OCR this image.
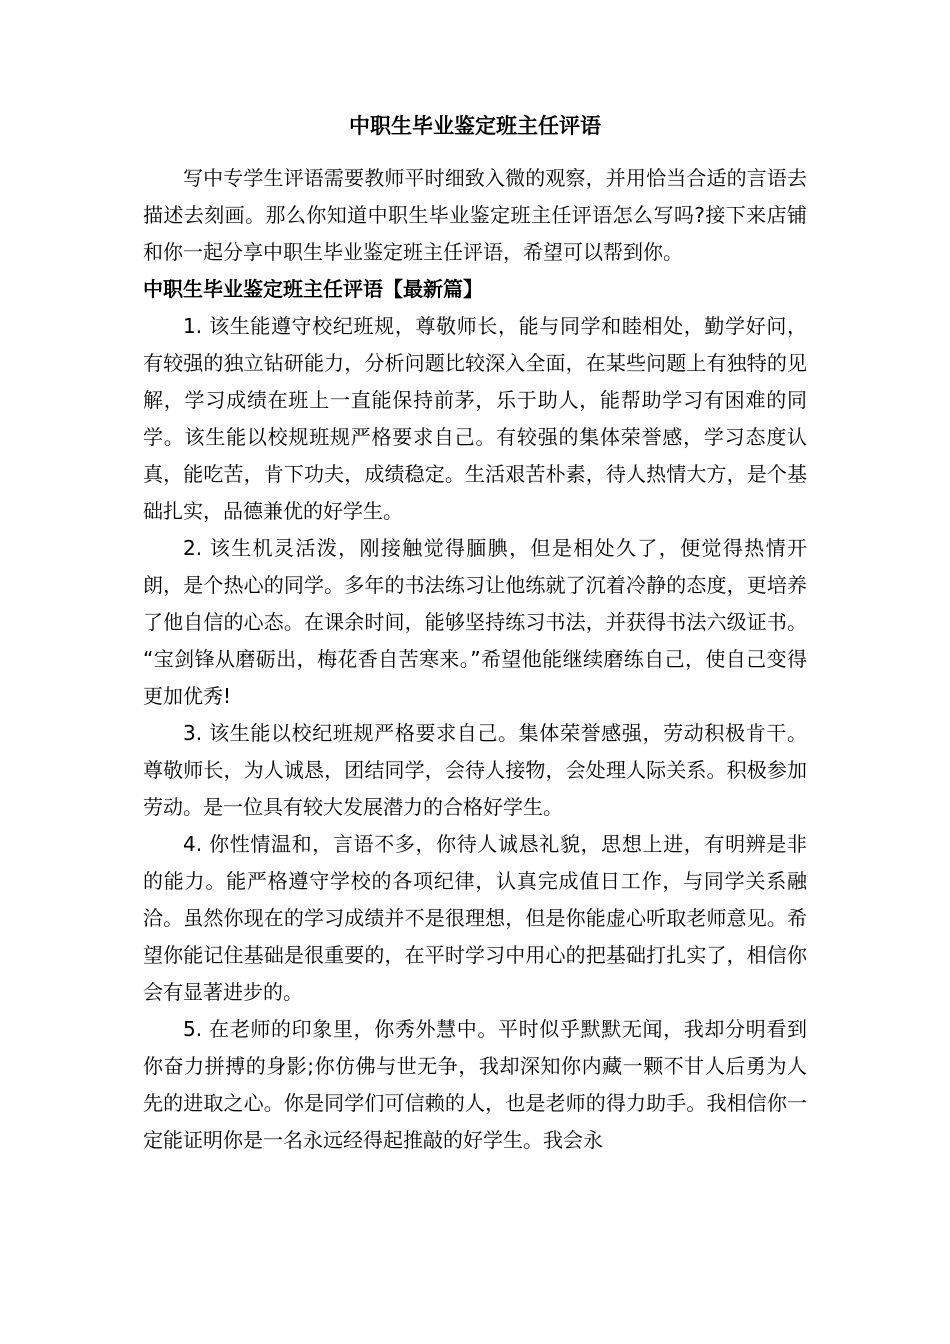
中职生毕业鉴定班主任评语

写中专学生评语需要教师平时细致入微的观察，并用恰当合适的言语去描述去刻画。那么你知道中职生毕业鉴定班主任评语怎么写吗?接下来店铺和你一起分享中职生毕业鉴定班主任评语，希望可以帮到你。

中职生毕业鉴定班主任评语【最新篇】

1. 该生能遵守校纪班规，尊敬师长，能与同学和睦相处，勤学好问，有较强的独立钻研能力，分析问题比较深入全面，在某些问题上有独特的见解，学习成绩在班上一直能保持前茅，乐于助人，能帮助学习有困难的同学。该生能以校规班规严格要求自己。有较强的集体荣誉感，学习态度认真，能吃苦，肯下功夫，成绩稳定。生活艰苦朴素，待人热情大方，是个基础扎实，品德兼优的好学生。

2. 该生机灵活泼，刚接触觉得腼腆，但是相处久了，便觉得热情开朗，是个热心的同学。多年的书法练习让他练就了沉着冷静的态度，更培养了他自信的心态。在课余时间，能够坚持练习书法，并获得书法六级证书。 “宝剑锋从磨砺出，梅花香自苦寒来。”希望他能继续磨练自己，使自己变得更加优秀!

3. 该生能以校纪班规严格要求自己。集体荣誉感强，劳动积极肯干。尊敬师长，为人诚恳，团结同学，会待人接物，会处理人际关系。积极参加劳动。是一位具有较大发展潜力的合格好学生。

4. 你性情温和，言语不多，你待人诚恳礼貌，思想上进，有明辨是非的能力。能严格遵守学校的各项纪律，认真完成值日工作，与同学关系融洽。虽然你现在的学习成绩并不是很理想，但是你能虚心听取老师意见。希望你能记住基础是很重要的，在平时学习中用心的把基础打扎实了，相信你会有显著进步的。

5. 在老师的印象里，你秀外慧中。平时似乎默默无闻，我却分明看到你奋力拼搏的身影;你仿佛与世无争，我却深知你内藏一颗不甘人后勇为人先的进取之心。你是同学们可信赖的人，也是老师的得力助手。我相信你一定能证明你是一名永远经得起推敲的好学生。我会永
